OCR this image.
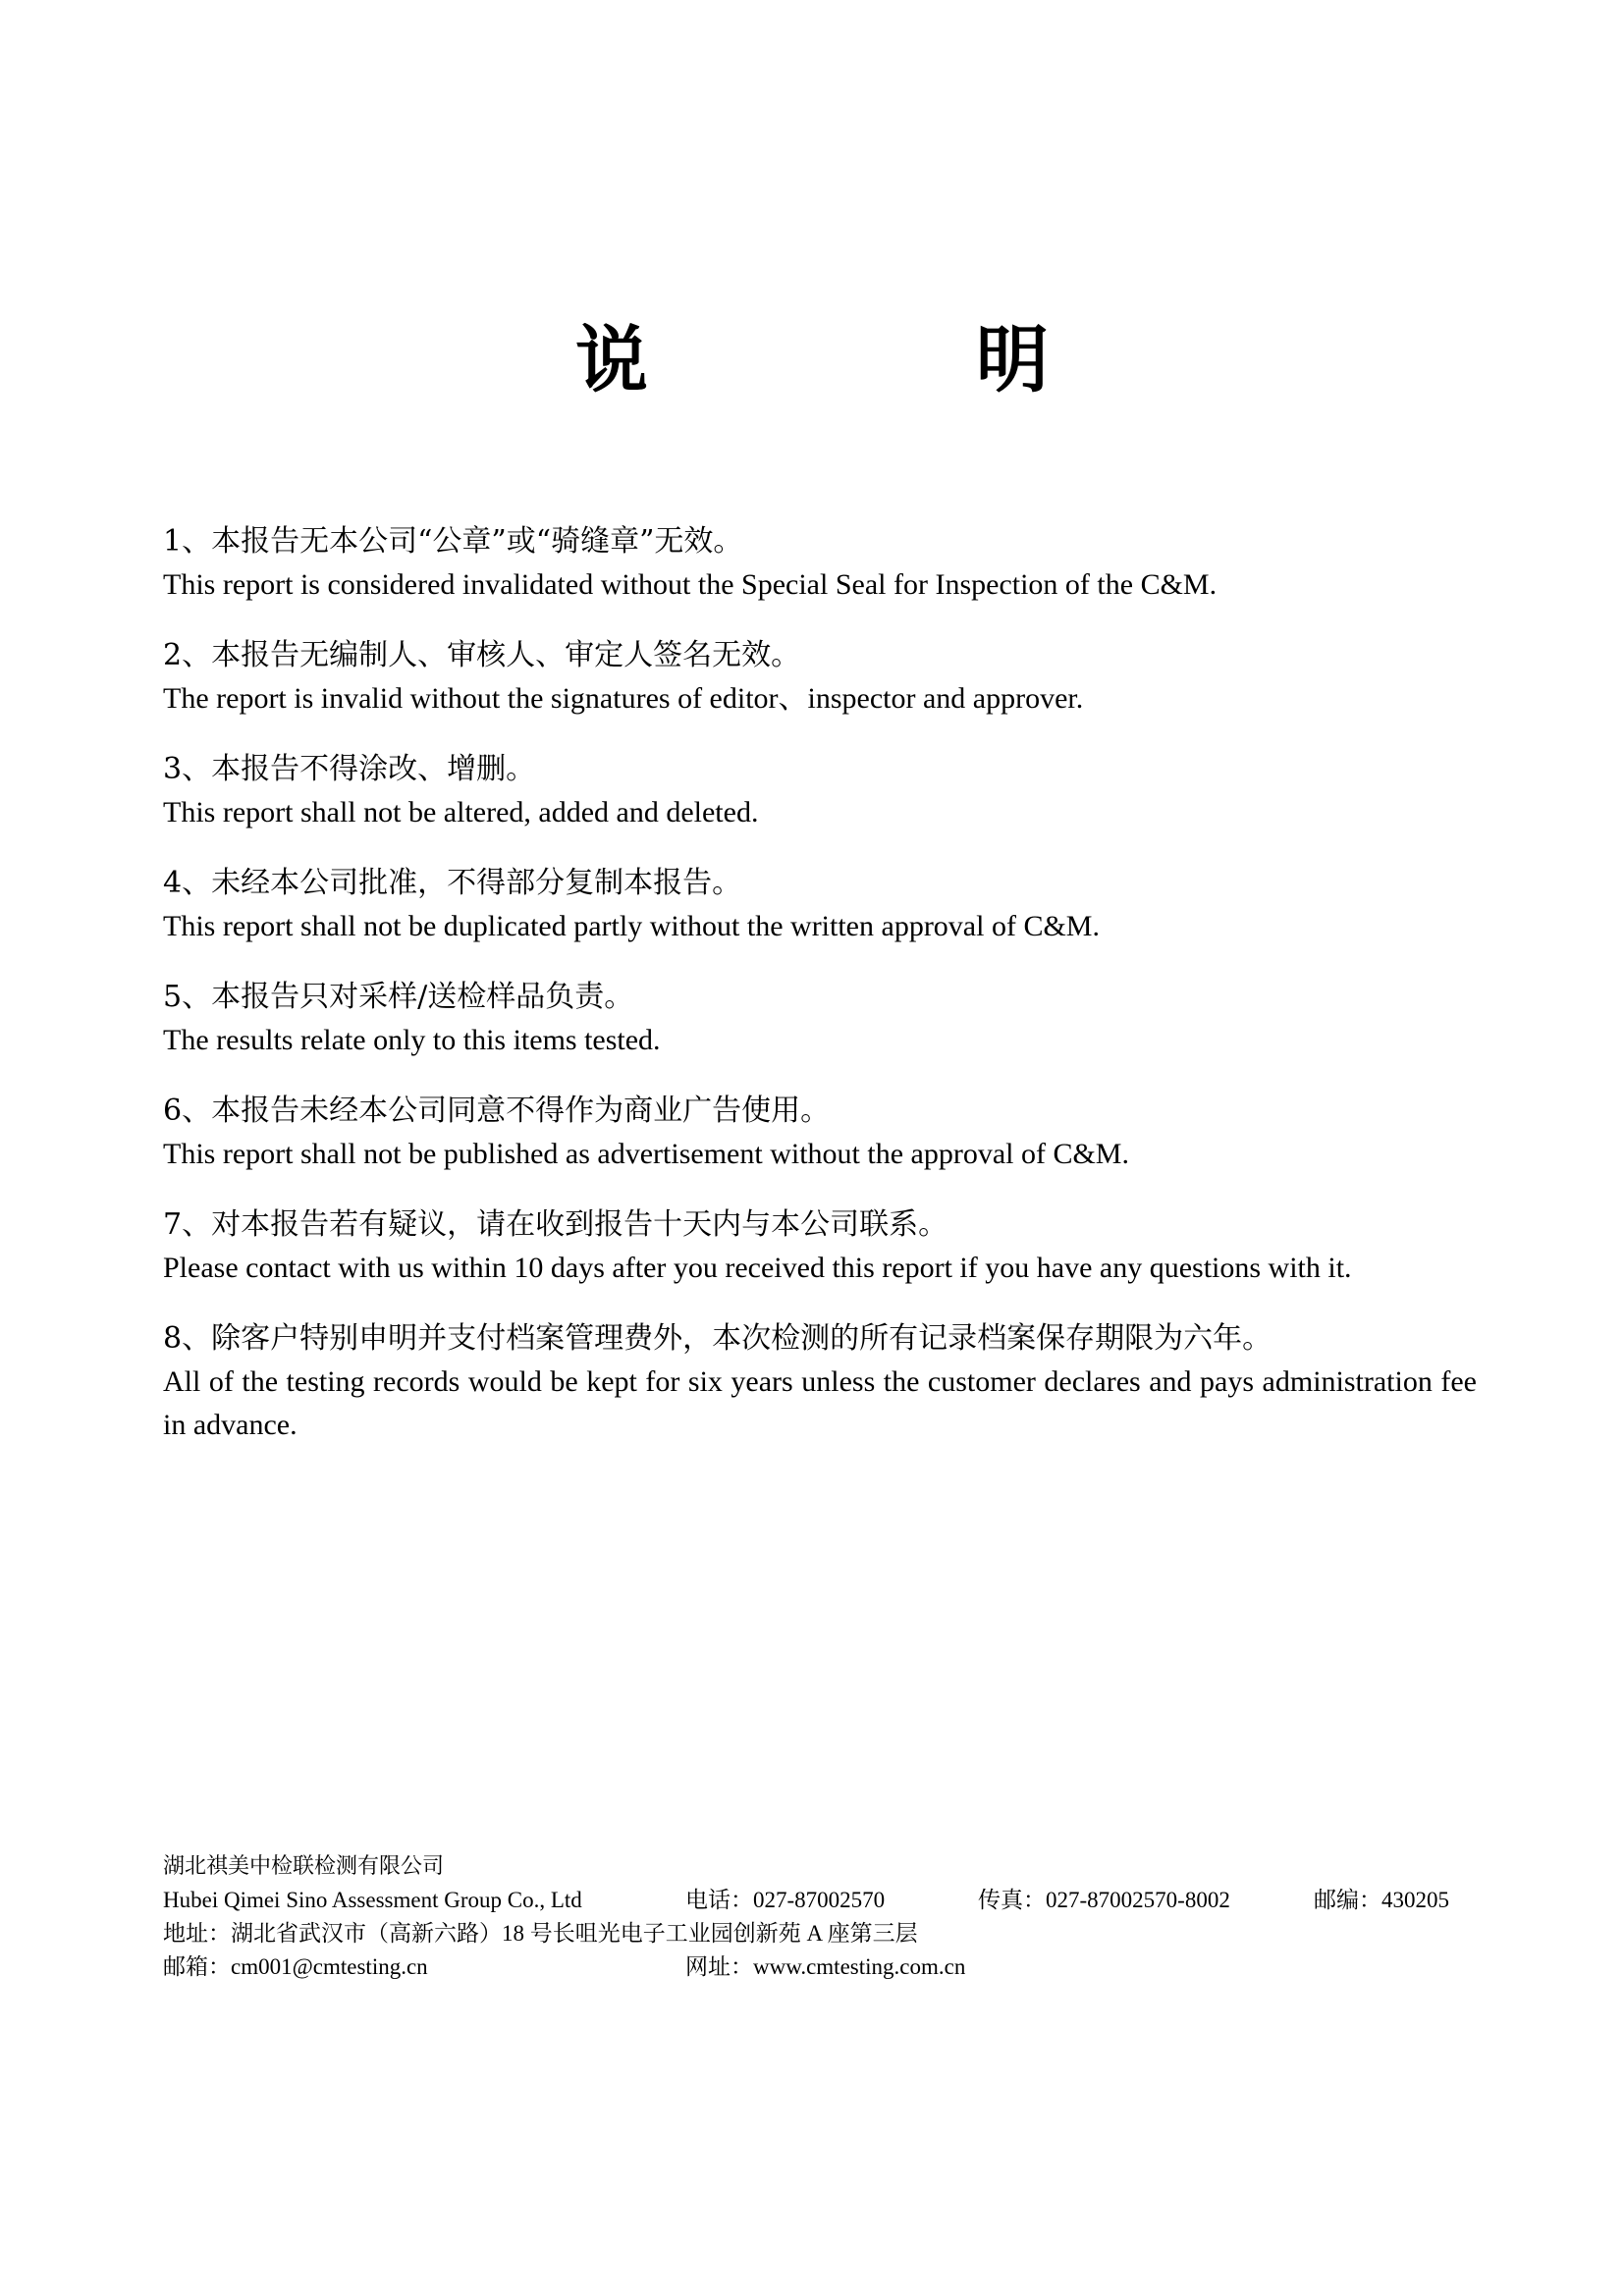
说　明
1、本报告无本公司“公章”或“骑缝章”无效。
This report is considered invalidated without the Special Seal for Inspection of the C&M.
2、本报告无编制人、审核人、审定人签名无效。
The report is invalid without the signatures of editor、inspector and approver.
3、本报告不得涂改、增删。
This report shall not be altered, added and deleted.
4、未经本公司批准，不得部分复制本报告。
This report shall not be duplicated partly without the written approval of C&M.
5、本报告只对采样/送检样品负责。
The results relate only to this items tested.
6、本报告未经本公司同意不得作为商业广告使用。
This report shall not be published as advertisement without the approval of C&M.
7、对本报告若有疑议，请在收到报告十天内与本公司联系。
Please contact with us within 10 days after you received this report if you have any questions with it.
8、除客户特别申明并支付档案管理费外，本次检测的所有记录档案保存期限为六年。
All of the testing records would be kept for six years unless the customer declares and pays administration fee in advance.
湖北祺美中检联检测有限公司
Hubei Qimei Sino Assessment Group Co., Ltd	电话：027-87002570	传真：027-87002570-8002	邮编：430205
地址：湖北省武汉市（高新六路）18 号长咀光电子工业园创新苑 A 座第三层
邮箱：cm001@cmtesting.cn	网址：www.cmtesting.com.cn
